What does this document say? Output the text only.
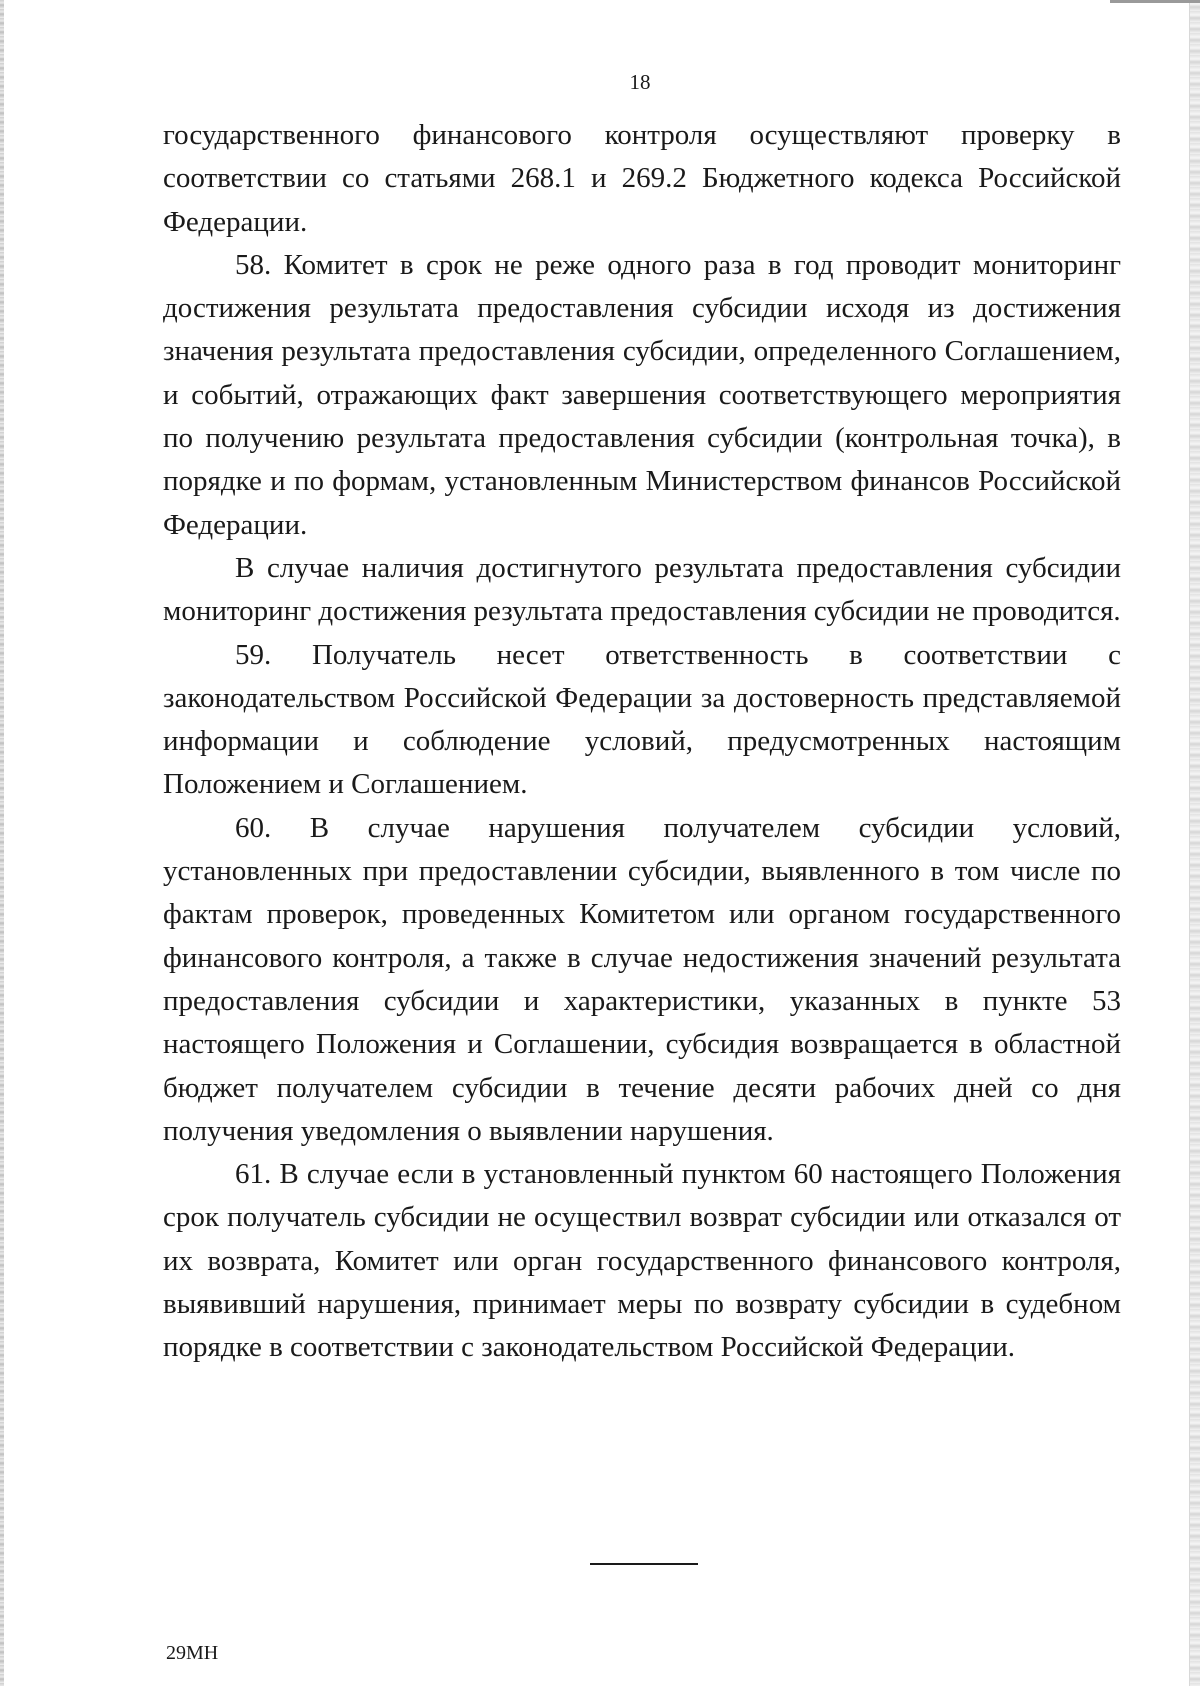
18

государственного финансового контроля осуществляют проверку в соответствии со статьями 268.1 и 269.2 Бюджетного кодекса Российской Федерации.

58. Комитет в срок не реже одного раза в год проводит мониторинг достижения результата предоставления субсидии исходя из достижения значения результата предоставления субсидии, определенного Соглашением, и событий, отражающих факт завершения соответствующего мероприятия по получению результата предоставления субсидии (контрольная точка), в порядке и по формам, установленным Министерством финансов Российской Федерации.

В случае наличия достигнутого результата предоставления субсидии мониторинг достижения результата предоставления субсидии не проводится.

59. Получатель несет ответственность в соответствии с законодательством Российской Федерации за достоверность представляемой информации и соблюдение условий, предусмотренных настоящим Положением и Соглашением.

60. В случае нарушения получателем субсидии условий, установленных при предоставлении субсидии, выявленного в том числе по фактам проверок, проведенных Комитетом или органом государственного финансового контроля, а также в случае недостижения значений результата предоставления субсидии и характеристики, указанных в пункте 53 настоящего Положения и Соглашении, субсидия возвращается в областной бюджет получателем субсидии в течение десяти рабочих дней со дня получения уведомления о выявлении нарушения.

61. В случае если в установленный пунктом 60 настоящего Положения срок получатель субсидии не осуществил возврат субсидии или отказался от их возврата, Комитет или орган государственного финансового контроля, выявивший нарушения, принимает меры по возврату субсидии в судебном порядке в соответствии с законодательством Российской Федерации.

29МН
